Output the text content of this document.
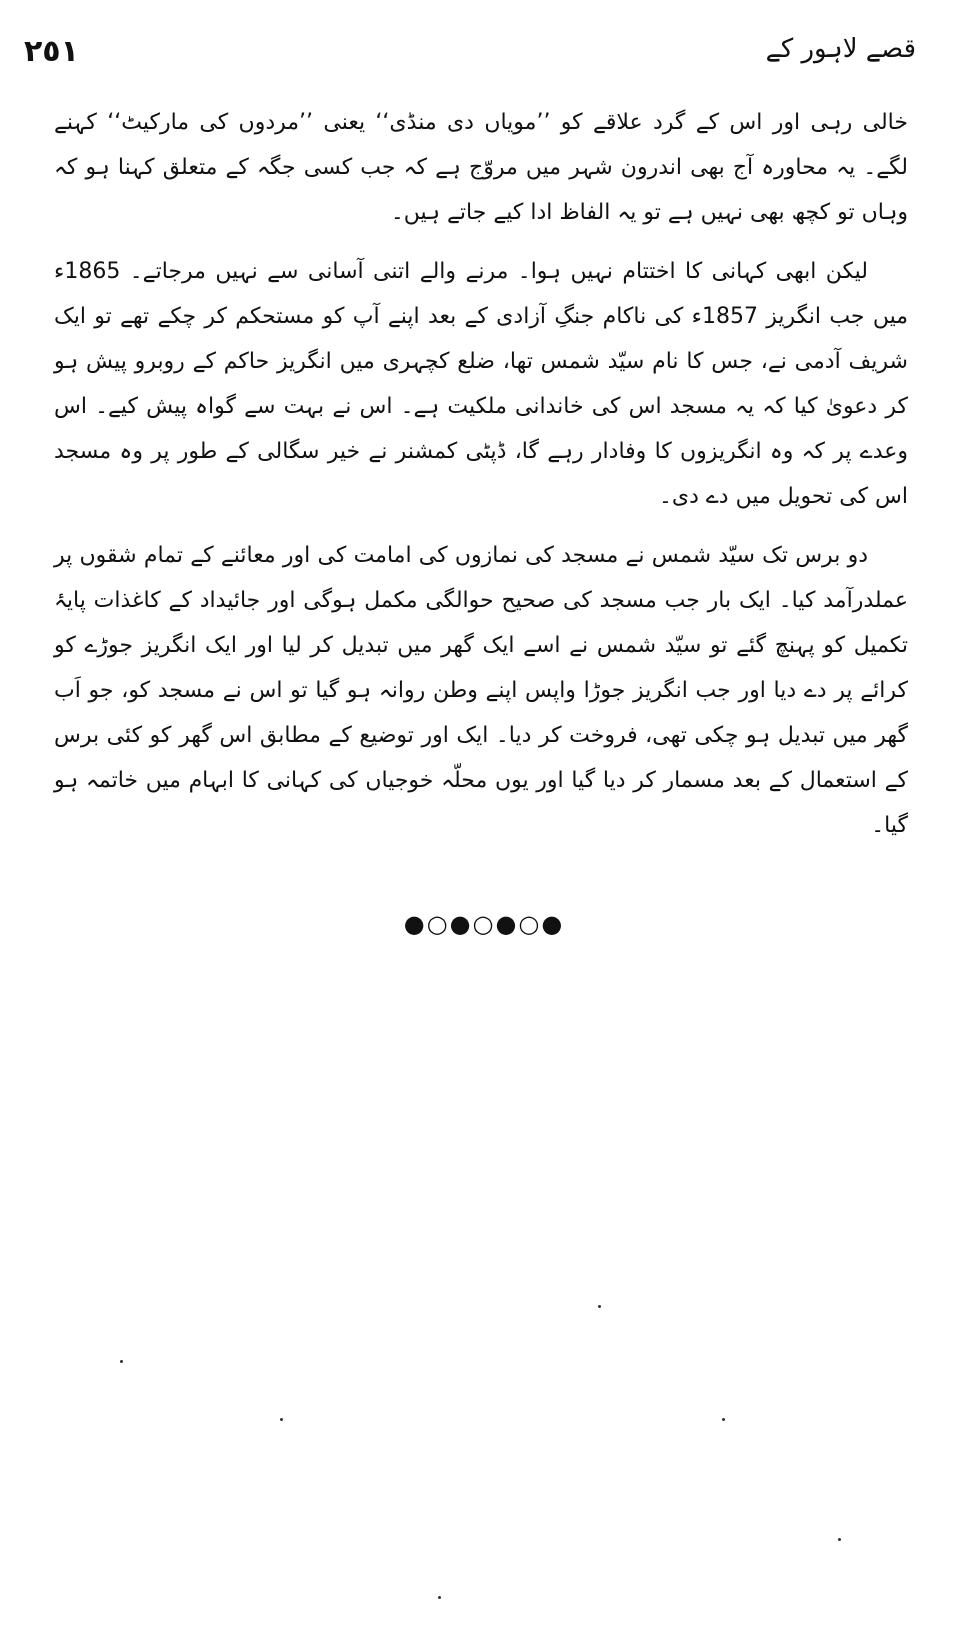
١٥٢	قصے لاہور کے

خالی رہی اور اس کے گرد علاقے کو ’’مویاں دی منڈی‘‘ یعنی ’’مردوں کی مارکیٹ‘‘ کہنے لگے۔ یہ محاورہ آج بھی اندرون شہر میں مروّج ہے کہ جب کسی جگہ کے متعلق کہنا ہو کہ وہاں تو کچھ بھی نہیں ہے تو یہ الفاظ ادا کیے جاتے ہیں۔

لیکن ابھی کہانی کا اختتام نہیں ہوا۔ مرنے والے اتنی آسانی سے نہیں مرجاتے۔ 1865ء میں جب انگریز 1857ء کی ناکام جنگِ آزادی کے بعد اپنے آپ کو مستحکم کر چکے تھے تو ایک شریف آدمی نے، جس کا نام سیّد شمس تھا، ضلع کچہری میں انگریز حاکم کے روبرو پیش ہو کر دعویٰ کیا کہ یہ مسجد اس کی خاندانی ملکیت ہے۔ اس نے بہت سے گواہ پیش کیے۔ اس وعدے پر کہ وہ انگریزوں کا وفادار رہے گا، ڈپٹی کمشنر نے خیر سگالی کے طور پر وہ مسجد اس کی تحویل میں دے دی۔

دو برس تک سیّد شمس نے مسجد کی نمازوں کی امامت کی اور معائنے کے تمام شقوں پر عملدرآمد کیا۔ ایک بار جب مسجد کی صحیح حوالگی مکمل ہوگی اور جائیداد کے کاغذات پایۂ تکمیل کو پہنچ گئے تو سیّد شمس نے اسے ایک گھر میں تبدیل کر لیا اور ایک انگریز جوڑے کو کرائے پر دے دیا اور جب انگریز جوڑا واپس اپنے وطن روانہ ہو گیا تو اس نے مسجد کو، جو اَب گھر میں تبدیل ہو چکی تھی، فروخت کر دیا۔ ایک اور توضیع کے مطابق اس گھر کو کئی برس کے استعمال کے بعد مسمار کر دیا گیا اور یوں محلّہ خوجیاں کی کہانی کا ابہام میں خاتمہ ہو گیا۔

●○●○●○●
